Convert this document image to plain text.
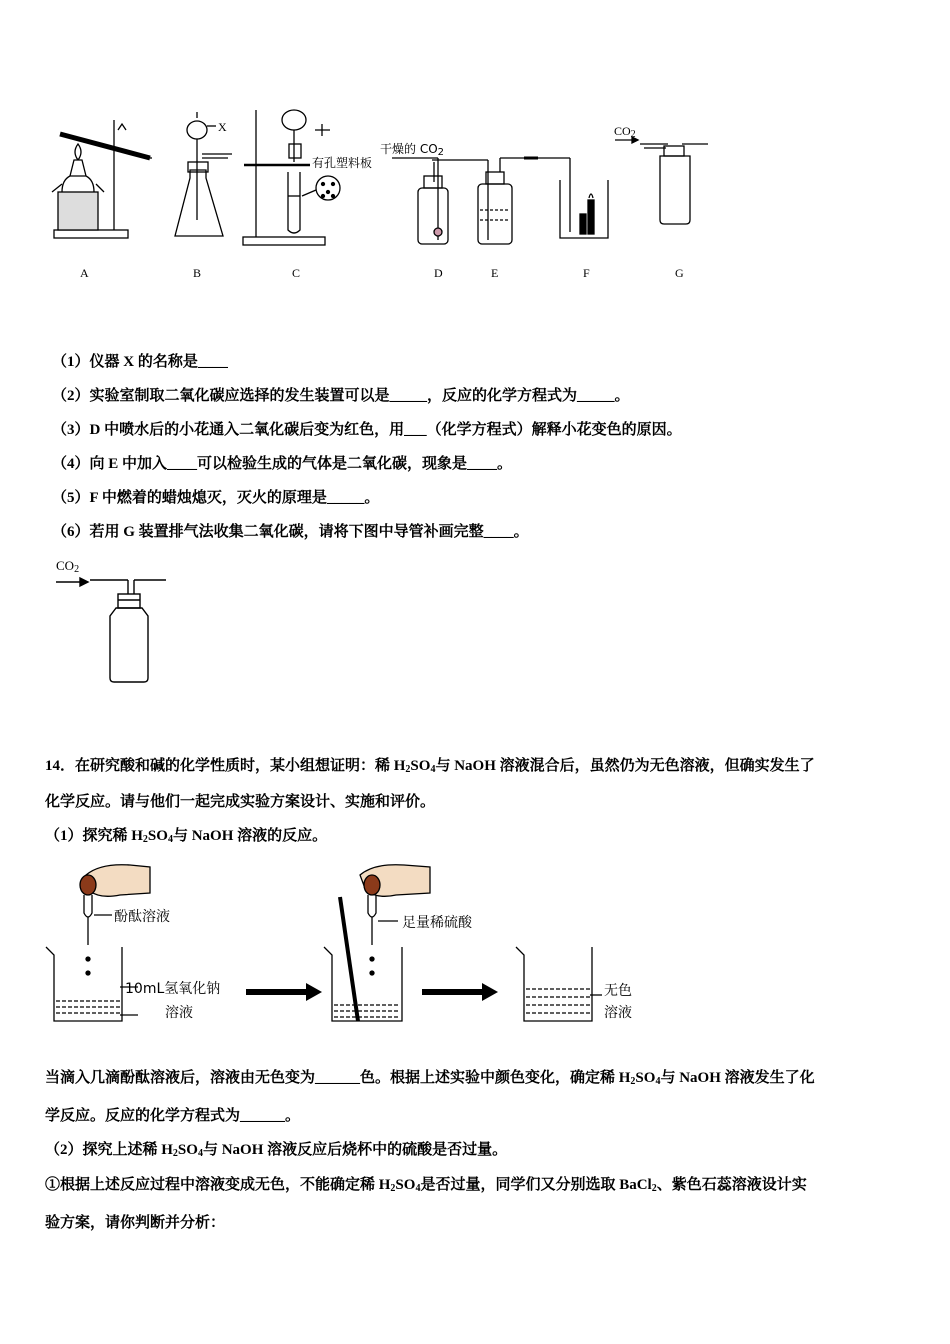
X
有孔塑料板
干燥的 $CO_2$
$CO_2$
A	B	C	D	E	F	G
（1）仪器 X 的名称是____
（2）实验室制取二氧化碳应选择的发生装置可以是_____，反应的化学方程式为_____。
（3）D 中喷水后的小花通入二氧化碳后变为红色，用___（化学方程式）解释小花变色的原因。
（4）向 E 中加入____可以检验生成的气体是二氧化碳，现象是____。
（5）F 中燃着的蜡烛熄灭，灭火的原理是_____。
（6）若用 G 装置排气法收集二氧化碳，请将下图中导管补画完整____。
$CO_2$
14．在研究酸和碱的化学性质时，某小组想证明：稀 $H_2SO_4$与 NaOH 溶液混合后，虽然仍为无色溶液，但确实发生了
化学反应。请与他们一起完成实验方案设计、实施和评价。
（1）探究稀 $H_2SO_4$与 NaOH 溶液的反应。
酚酞溶液
10mL氢氧化钠
溶液
足量稀硫酸
无色
溶液
当滴入几滴酚酞溶液后，溶液由无色变为______色。根据上述实验中颜色变化，确定稀 $H_2SO_4$与 NaOH 溶液发生了化
学反应。反应的化学方程式为______。
（2）探究上述稀 $H_2SO_4$与 NaOH 溶液反应后烧杯中的硫酸是否过量。
①根据上述反应过程中溶液变成无色，不能确定稀 $H_2SO_4$是否过量，同学们又分别选取 BaCl$_2$、紫色石蕊溶液设计实
验方案，请你判断并分析：
